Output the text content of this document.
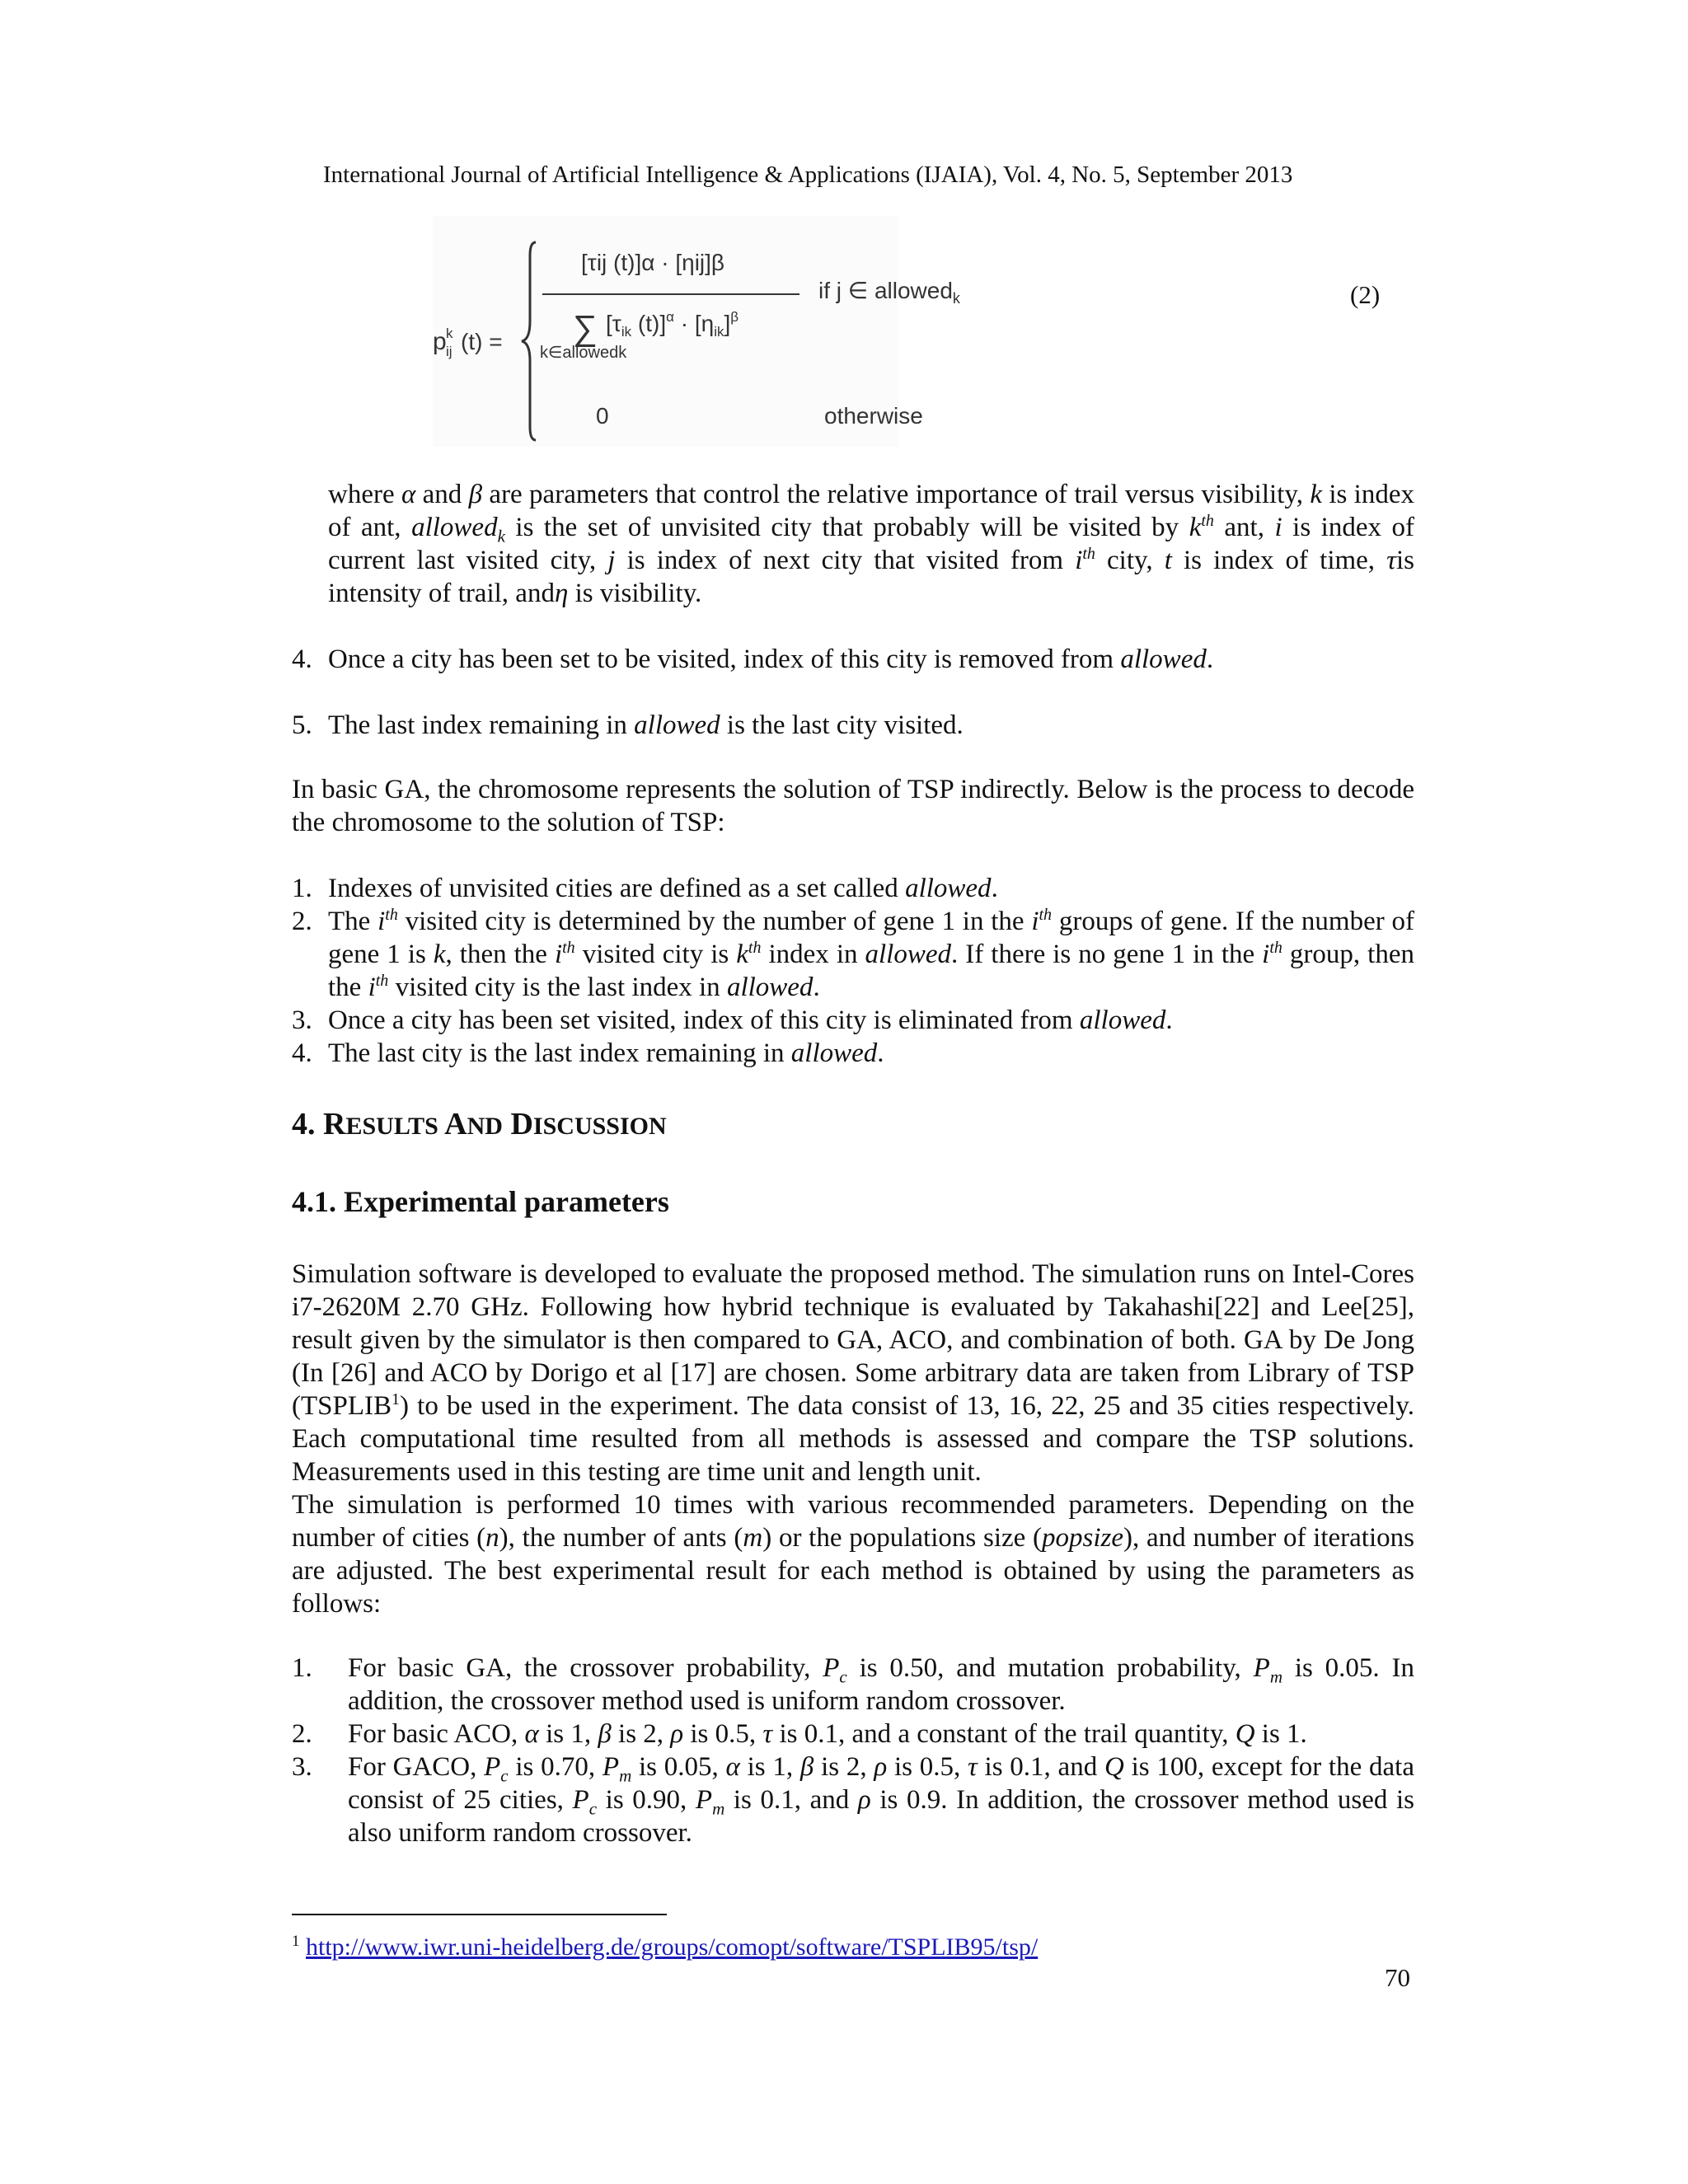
International Journal of Artificial Intelligence & Applications (IJAIA), Vol. 4, No. 5, September 2013
p k
ij (t) =
[τij (t)]α · [ηij]β
∑ [$\tau_{ik}$ $(t)]^\alpha \cdot [\eta_{ik}]^\beta$
k∈allowedk
if j ∈ allowed$_k$
0	otherwise
(2)

where α and β are parameters that control the relative importance of trail versus visibility, k is index of ant, allowed$_k$ is the set of unvisited city that probably will be visited by $k^{th}$ ant, i is index of current last visited city, j is index of next city that visited from $i^{th}$ city, t is index of time, τis intensity of trail, andη is visibility.

4. Once a city has been set to be visited, index of this city is removed from allowed.
5. The last index remaining in allowed is the last city visited.

In basic GA, the chromosome represents the solution of TSP indirectly. Below is the process to decode the chromosome to the solution of TSP:

1. Indexes of unvisited cities are defined as a set called allowed.
2. The $i^{th}$ visited city is determined by the number of gene 1 in the $i^{th}$ groups of gene. If the number of gene 1 is k, then the $i^{th}$ visited city is $k^{th}$ index in allowed. If there is no gene 1 in the $i^{th}$ group, then the $i^{th}$ visited city is the last index in allowed.
3. Once a city has been set visited, index of this city is eliminated from allowed.
4. The last city is the last index remaining in allowed.
4. RESULTS AND DISCUSSION
4.1. Experimental parameters

Simulation software is developed to evaluate the proposed method. The simulation runs on Intel-Cores i7-2620M 2.70 GHz. Following how hybrid technique is evaluated by Takahashi[22] and Lee[25], result given by the simulator is then compared to GA, ACO, and combination of both. GA by De Jong (In [26] and ACO by Dorigo et al [17] are chosen. Some arbitrary data are taken from Library of TSP (TSPLIB$^1$) to be used in the experiment. The data consist of 13, 16, 22, 25 and 35 cities respectively. Each computational time resulted from all methods is assessed and compare the TSP solutions. Measurements used in this testing are time unit and length unit.

The simulation is performed 10 times with various recommended parameters. Depending on the number of cities (n), the number of ants (m) or the populations size (popsize), and number of iterations are adjusted. The best experimental result for each method is obtained by using the parameters as follows:

1.	For basic GA, the crossover probability, $P_c$ is 0.50, and mutation probability, $P_m$ is 0.05. In addition, the crossover method used is uniform random crossover.
2.	For basic ACO, α is 1, β is 2, ρ is 0.5, τ is 0.1, and a constant of the trail quantity, Q is 1.
3.	For GACO, $P_c$ is 0.70, $P_m$ is 0.05, α is 1, β is 2, ρ is 0.5, τ is 0.1, and Q is 100, except for the data consist of 25 cities, $P_c$ is 0.90, $P_m$ is 0.1, and ρ is 0.9. In addition, the crossover method used is also uniform random crossover.
$^1$ http://www.iwr.uni-heidelberg.de/groups/comopt/software/TSPLIB95/tsp/
70
